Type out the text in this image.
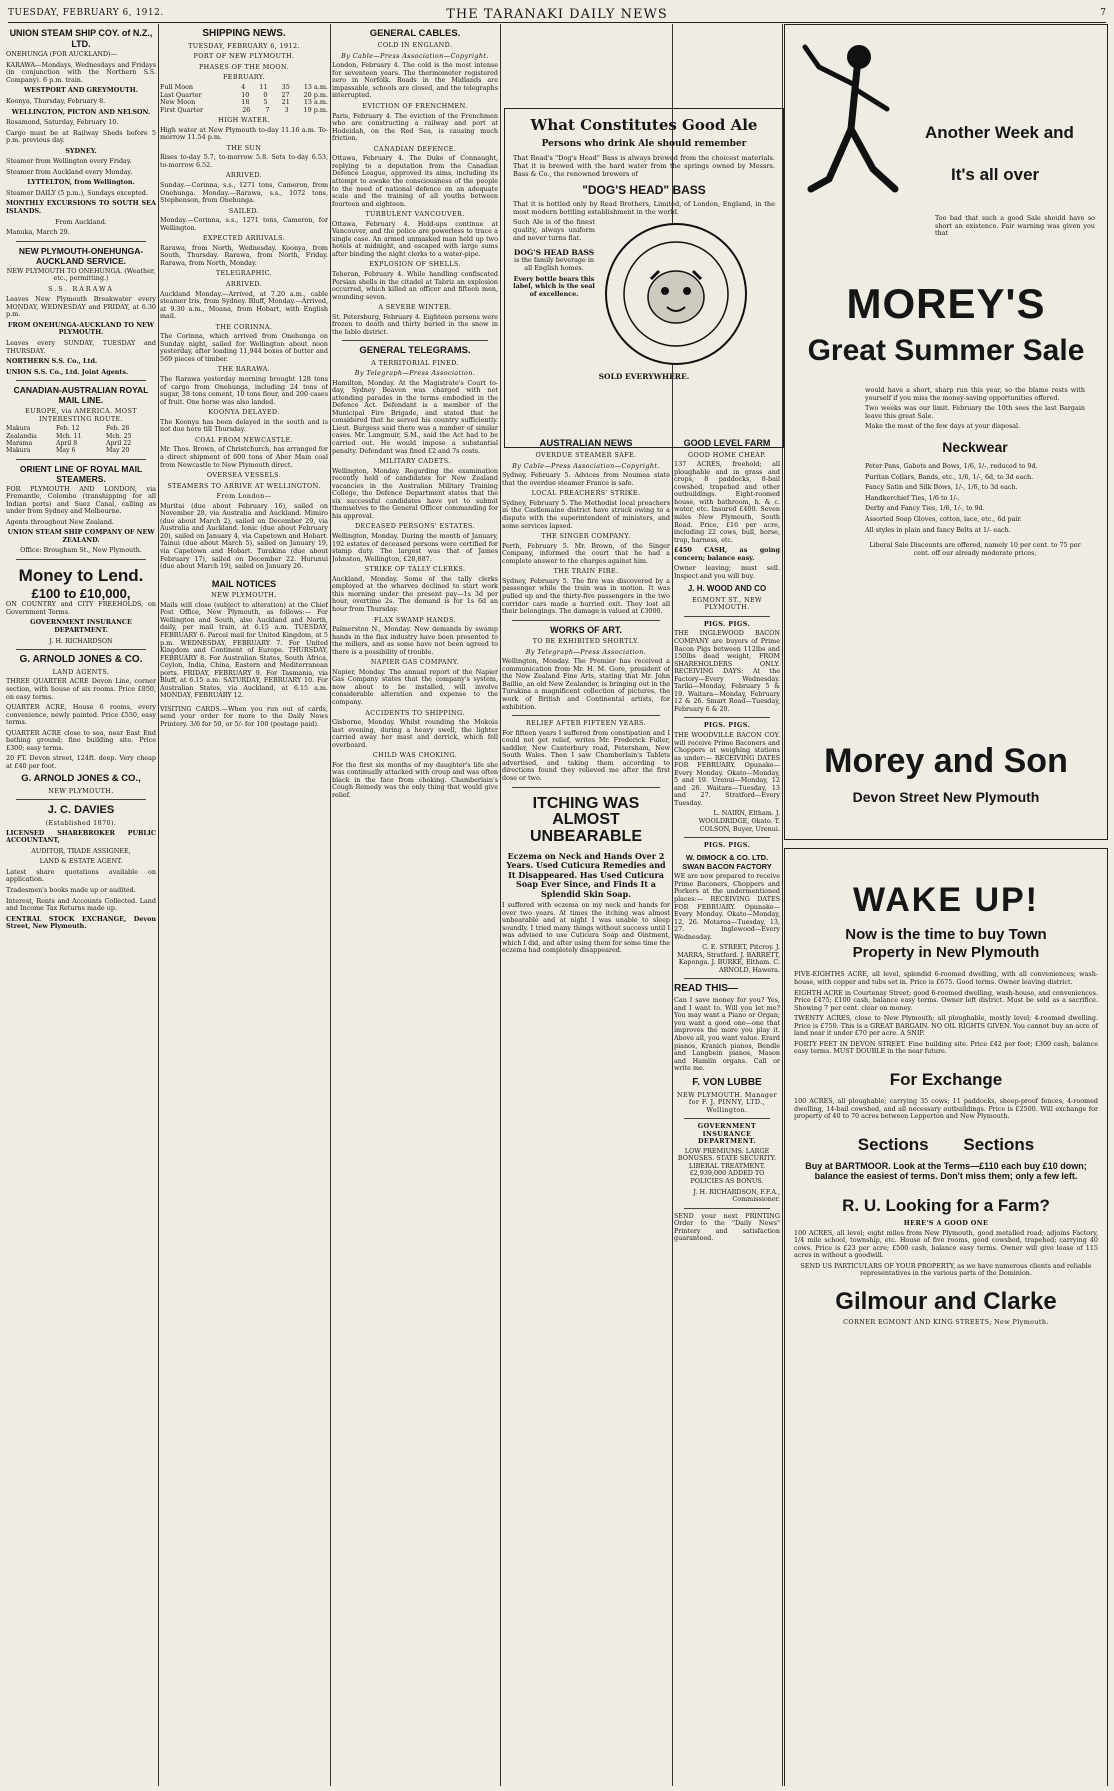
TUESDAY, FEBRUARY 6, 1912.	THE TARANAKI DAILY NEWS	7
UNION STEAM SHIP COY. of N.Z., LTD.

ONEHUNGA (FOR AUCKLAND)—

KARAWA—Mondays, Wednesdays and Fridays (in conjunction with the Northern S.S. Company). 6 p.m. train.

WESTPORT AND GREYMOUTH.

Koonya, Thursday, February 8.

WELLINGTON, PICTON AND NELSON.

Rosamond, Saturday, February 10.

Cargo must be at Railway Sheds before 5 p.m. previous day.

SYDNEY.

Steamer from Wellington every Friday.

Steamer from Auckland every Monday.

LYTTELTON, from Wellington.

Steamer DAILY (5 p.m.), Sundays excepted.

MONTHLY EXCURSIONS TO SOUTH SEA ISLANDS.

From Auckland.

Manuka, March 29.

NEW PLYMOUTH-ONEHUNGA-AUCKLAND SERVICE.

NEW PLYMOUTH TO ONEHUNGA. (Weather, etc., permitting.)

S.S. RARAWA

Leaves New Plymouth Breakwater every MONDAY, WEDNESDAY and FRIDAY, at 6.30 p.m.

FROM ONEHUNGA-AUCKLAND TO NEW PLYMOUTH.

Leaves every SUNDAY, TUESDAY and THURSDAY.

NORTHERN S.S. Co., Ltd.

UNION S.S. Co., Ltd. Joint Agents.

CANADIAN-AUSTRALIAN ROYAL MAIL LINE.
EUROPE, via AMERICA. MOST INTERESTING ROUTE.
Makura	Feb. 12	Feb. 26
Zealandia	Mch. 11	Mch. 25
Marama	April 8	April 22
Makura	May 6	May 20
ORIENT LINE OF ROYAL MAIL STEAMERS.

FOR PLYMOUTH AND LONDON, via Fremantle, Colombo (transhipping for all Indian ports) and Suez Canal, calling as under from Sydney and Melbourne.

Agents throughout New Zealand.

UNION STEAM SHIP COMPANY OF NEW ZEALAND.

Office: Brougham St., New Plymouth.

Money to Lend.
£100 to £10,000,

ON COUNTRY and CITY FREEHOLDS, on Government Terms.

GOVERNMENT INSURANCE DEPARTMENT.

J. H. RICHARDSON

G. ARNOLD JONES & CO.
LAND AGENTS.

THREE QUARTER ACRE Devon Line, corner section, with house of six rooms. Price £850, on easy terms.

QUARTER ACRE, House 6 rooms, every convenience, newly painted. Price £550, easy terms.

QUARTER ACRE close to sea, near East End bathing ground; fine building site. Price £300; easy terms.

20 FT. Devon street, 124ft. deep. Very cheap at £40 per foot.

G. ARNOLD JONES & CO.,
NEW PLYMOUTH.
J. C. DAVIES
(Established 1870).

LICENSED SHAREBROKER PUBLIC ACCOUNTANT,

AUDITOR, TRADE ASSIGNEE,

LAND & ESTATE AGENT.

Latest share quotations available on application.

Tradesmen's books made up or audited.

Interest, Rents and Accounts Collected. Land and Income Tax Returns made up.

CENTRAL STOCK EXCHANGE, Devon Street, New Plymouth.

SHIPPING NEWS.
TUESDAY, FEBRUARY 6, 1912.
PORT OF NEW PLYMOUTH.
PHASES OF THE MOON.
FEBRUARY.
Full Moon	4 11 35 13 a.m.
Last Quarter	10 0 27 20 p.m.
New Moon	18 5 21 13 a.m.
First Quarter	26 7 3 19 p.m.
HIGH WATER.

High water at New Plymouth to-day 11.16 a.m. To-morrow 11.54 p.m.

THE SUN

Rises to-day 5.7, to-morrow 5.8. Sets to-day 6.53, to-morrow 6.52.

ARRIVED.

Sunday.—Corinna, s.s., 1271 tons, Cameron, from Onehunga. Monday.—Rarawa, s.s., 1072 tons, Stephenson, from Onehunga.

SAILED.

Monday.—Corinna, s.s., 1271 tons, Cameron, for Wellington.

EXPECTED ARRIVALS.

Rarawa, from North, Wednesday. Koonya, from South, Thursday. Rarawa, from North, Friday. Rarawa, from North, Monday.

TELEGRAPHIC.
ARRIVED.

Auckland Monday.—Arrived, at 7.20 a.m., cable steamer Iris, from Sydney. Bluff, Monday.—Arrived, at 9.30 a.m., Moana, from Hobart, with English mail.

THE CORINNA.

The Corinna, which arrived from Onehunga on Sunday night, sailed for Wellington about noon yesterday, after loading 11,944 boxes of butter and 569 pieces of timber.

THE RARAWA.

The Rarawa yesterday morning brought 128 tons of cargo from Onehunga, including 24 tons of sugar, 38 tons cement, 10 tons flour, and 200 cases of fruit. One horse was also landed.

KOONYA DELAYED.

The Koonya has been delayed in the south and is not due here till Thursday.

COAL FROM NEWCASTLE.

Mr. Thos. Brown, of Christchurch, has arranged for a direct shipment of 600 tons of Aber Main coal from Newcastle to New Plymouth direct.

OVERSEA VESSELS.
STEAMERS TO ARRIVE AT WELLINGTON.
From London—

Muritai (due about February 16), sailed on November 28, via Australia and Auckland. Mimiro (due about March 2), sailed on December 29, via Australia and Auckland. Ionic (due about February 20), sailed on January 4, via Capetown and Hobart. Tainui (due about March 5), sailed on January 19, via Capetown and Hobart. Turakina (due about February 17), sailed on December 22. Hurunui (due about March 19), sailed on January 26.

MAIL NOTICES
NEW PLYMOUTH.

Mails will close (subject to alteration) at the Chief Post Office, New Plymouth, as follows:— For Wellington and South, also Auckland and North, daily, per mail train, at 6.15 a.m. TUESDAY, FEBRUARY 6. Parcel mail for United Kingdom, at 5 p.m. WEDNESDAY, FEBRUARY 7. For United Kingdom and Continent of Europe. THURSDAY, FEBRUARY 8. For Australian States, South Africa, Ceylon, India, China, Eastern and Mediterranean ports. FRIDAY, FEBRUARY 9. For Tasmania, via Bluff, at 6.15 a.m. SATURDAY, FEBRUARY 10. For Australian States, via Auckland, at 6.15 a.m. MONDAY, FEBRUARY 12.

VISITING CARDS.—When you run out of cards, send your order for more to the Daily News Printery. 3/6 for 50, or 5/- for 100 (postage paid).

GENERAL CABLES.
COLD IN ENGLAND.
By Cable—Press Association—Copyright.

London, February 4. The cold is the most intense for seventeen years. The thermometer registered zero in Norfolk. Roads in the Midlands are impassable, schools are closed, and the telegraphs interrupted.

EVICTION OF FRENCHMEN.

Paris, February 4. The eviction of the Frenchmen who are constructing a railway and port at Hodeidah, on the Red Sea, is causing much friction.

CANADIAN DEFENCE.

Ottawa, February 4. The Duke of Connaught, replying to a deputation from the Canadian Defence League, approved its aims, including its attempt to awake the consciousness of the people to the need of national defence on an adequate scale and the training of all youths between fourteen and eighteen.

TURBULENT VANCOUVER.

Ottawa, February 4. Hold-ups continue at Vancouver, and the police are powerless to trace a single case. An armed unmasked man held up two hotels at midnight, and escaped with large sums after binding the night clerks to a water-pipe.

EXPLOSION OF SHELLS.

Teheran, February 4. While handling confiscated Persian shells in the citadel at Tabriz an explosion occurred, which killed an officer and fifteen men, wounding seven.

A SEVERE WINTER.

St. Petersburg, February 4. Eighteen persons were frozen to death and thirty buried in the snow in the Iablo district.

GENERAL TELEGRAMS.
A TERRITORIAL FINED.
By Telegraph—Press Association.

Hamilton, Monday. At the Magistrate's Court to-day, Sydney Beaven was charged with not attending parades in the terms embodied in the Defence Act. Defendant is a member of the Municipal Fire Brigade, and stated that he considered that he served his country sufficiently. Lieut. Burgess said there was a number of similar cases. Mr. Langmuir, S.M., said the Act had to be carried out. He would impose a substantial penalty. Defendant was fined £2 and 7s costs.

MILITARY CADETS.

Wellington, Monday. Regarding the examination recently held of candidates for New Zealand vacancies in the Australian Military Training College, the Defence Department states that the six successful candidates have yet to submit themselves to the General Officer commanding for his approval.

DECEASED PERSONS' ESTATES.

Wellington, Monday. During the month of January, 192 estates of deceased persons were certified for stamp duty. The largest was that of James Johnston, Wellington, £28,887.

STRIKE OF TALLY CLERKS.

Auckland, Monday. Some of the tally clerks employed at the wharves declined to start work this morning under the present pay—1s 3d per hour, overtime 2s. The demand is for 1s 6d an hour from Thursday.

FLAX SWAMP HANDS.

Palmerston N., Monday. New demands by swamp hands in the flax industry have been presented to the millers, and as some have not been agreed to there is a possibility of trouble.

NAPIER GAS COMPANY.

Napier, Monday. The annual report of the Napier Gas Company states that the company's system, now about to be installed, will involve considerable alteration and expense to the company.

ACCIDENTS TO SHIPPING.

Gisborne, Monday. Whilst rounding the Mokoia last evening, during a heavy swell, the lighter carried away her mast and derrick, which fell overboard.

CHILD WAS CHOKING.

For the first six months of my daughter's life she was continually attacked with croup and was often black in the face from choking. Chamberlain's Cough Remedy was the only thing that would give relief.

What Constitutes Good Ale
Persons who drink Ale should remember

That Read's "Dog's Head" Bass is always brewed from the choicest materials. That it is brewed with the hard water from the springs owned by Messrs. Bass & Co., the renowned brewers of

"DOG'S HEAD" BASS

That it is bottled only by Read Brothers, Limited, of London, England, in the most modern bottling establishment in the world.

Such Ale is of the finest quality, always uniform and never turns flat.

DOG'S HEAD BASS

is the family beverage in all English homes.

Every bottle bears this label, which is the seal of excellence.

SOLD EVERYWHERE.
AUSTRALIAN NEWS
OVERDUE STEAMER SAFE.
By Cable—Press Association—Copyright.

Sydney, February 5. Advices from Noumea state that the overdue steamer France is safe.

LOCAL PREACHERS' STRIKE.

Sydney, February 5. The Methodist local preachers in the Castlemaine district have struck owing to a dispute with the superintendent of ministers, and some services lapsed.

THE SINGER COMPANY.

Perth, February 5. Mr. Brown, of the Singer Company, informed the court that he had a complete answer to the charges against him.

THE TRAIN FIRE.

Sydney, February 5. The fire was discovered by a passenger while the train was in motion. It was pulled up and the thirty-five passengers in the two corridor cars made a hurried exit. They lost all their belongings. The damage is valued at £3000.

WORKS OF ART.
TO BE EXHIBITED SHORTLY.
By Telegraph—Press Association.

Wellington, Monday. The Premier has received a communication from Mr. H. M. Gore, president of the New Zealand Fine Arts, stating that Mr. John Baillie, an old New Zealander, is bringing out in the Turakina a magnificent collection of pictures, the work of British and Continental artists, for exhibition.

RELIEF AFTER FIFTEEN YEARS.

For fifteen years I suffered from constipation and I could not get relief, writes Mr. Frederick Fuller, saddler, New Canterbury road, Petersham, New South Wales. Then I saw Chamberlain's Tablets advertised, and taking them according to directions found they relieved me after the first dose or two.

ITCHING WAS ALMOST UNBEARABLE

Eczema on Neck and Hands Over 2 Years. Used Cuticura Remedies and It Disappeared. Has Used Cuticura Soap Ever Since, and Finds It a Splendid Skin Soap.

I suffered with eczema on my neck and hands for over two years. At times the itching was almost unbearable and at night I was unable to sleep soundly. I tried many things without success until I was advised to use Cuticura Soap and Ointment, which I did, and after using them for some time the eczema had completely disappeared.

GOOD LEVEL FARM
GOOD HOME CHEAP.

137 ACRES, freehold; all ploughable and in grass and crops, 8 paddocks, 8-bail cowshed, trapehed and other outbuildings. Eight-roomed house, with bathroom, h. & c. water, etc. Insured £400. Seven miles New Plymouth, South Road. Price, £16 per acre, including 22 cows, bull, horse, trap, harness, etc.

£450 CASH, as going concern; balance easy.

Owner leaving; must sell. Inspect and you will buy.

J. H. WOOD AND CO
EGMONT ST., NEW PLYMOUTH.
PIGS. PIGS.

THE INGLEWOOD BACON COMPANY are buyers of Prime Bacon Pigs between 112lbs and 150lbs dead weight, FROM SHAREHOLDERS ONLY. RECEIVING DAYS: At the Factory—Every Wednesday. Tariki—Monday, February 5 & 19. Waitara—Monday, February 12 & 26. Smart Road—Tuesday, February 6 & 20.

PIGS. PIGS.

THE WOODVILLE BACON COY. will receive Prime Baconers and Choppers at weighing stations as under:— RECEIVING DATES FOR FEBRUARY. Opunake—Every Monday. Okato—Monday, 5 and 19. Urenui—Monday, 12 and 26. Waitara—Tuesday, 13 and 27. Stratford—Every Tuesday.

L. NAIRN, Eltham. J. WOOLDRIDGE, Okato. T. COLSON, Buyer, Urenui.

PIGS. PIGS.
W. DIMOCK & CO. LTD. SWAN BACON FACTORY

WE are now prepared to receive Prime Baconers, Choppers and Porkers at the undermentioned places:— RECEIVING DATES FOR FEBRUARY. Opunake—Every Monday. Okato—Monday, 12, 26. Motaroa—Tuesday, 13, 27. Inglewood—Every Wednesday.

C. E. STREET, Pitcroy. J. MARRA, Stratford. J. BARRETT, Kaponga. J. BURKE, Eltham. C. ARNOLD, Hawera.

READ THIS—

Can I save money for you? Yes, and I want to. Will you let me? You may want a Piano or Organ; you want a good one—one that improves the more you play it. Above all, you want value. Erard pianos, Kranich pianos, Bendle and Langbein pianos, Mason and Hamlin organs. Call or write me.

F. VON LUBBE
NEW PLYMOUTH. Manager for F. J. PINNY, LTD., Wellington.
GOVERNMENT INSURANCE DEPARTMENT.

LOW PREMIUMS. LARGE BONUSES. STATE SECURITY. LIBERAL TREATMENT. £2,939,000 ADDED TO POLICIES AS BONUS.

J. H. RICHARDSON, F.F.A., Commissioner.

SEND your next PRINTING Order to the "Daily News" Printery and satisfaction guaranteed.

Another Week and
It's all over

Too bad that such a good Sale should have so short an existence. Fair warning was given you that

MOREY'S
Great Summer Sale

would have a short, sharp run this year, so the blame rests with yourself if you miss the money-saving opportunities offered.

Two weeks was our limit. February the 10th sees the last Bargain leave this great Sale.

Make the most of the few days at your disposal.

Neckwear

Peter Pans, Gabots and Bows, 1/6, 1/-, reduced to 9d.

Puritan Collars, Bands, etc., 1/6, 1/-, 6d, to 3d each.

Fancy Satin and Silk Bows, 1/-, 1/6, to 3d each.

Handkerchief Ties, 1/6 to 1/-.

Derby and Fancy Ties, 1/6, 1/-, to 9d.

Assorted Soap Gloves, cotton, lace, etc., 6d pair.

All styles in plain and fancy Belts at 1/- each.

Liberal Sale Discounts are offered, namely 10 per cent. to 75 per cent. off our already moderate prices,

Morey and Son
Devon Street New Plymouth
WAKE UP!
Now is the time to buy Town
Property in New Plymouth

FIVE-EIGHTHS ACRE, all level, splendid 6-roomed dwelling, with all conveniences; wash-house, with copper and tubs set in. Price is £675. Good terms. Owner leaving district.

EIGHTH ACRE in Courtenay Street; good 6-roomed dwelling, wash-house, and conveniences. Price £475; £100 cash, balance easy terms. Owner left district. Must be sold as a sacrifice. Showing 7 per cent. clear on money.

TWENTY ACRES, close to New Plymouth; all ploughable, mostly level; 4-roomed dwelling. Price is £750. This is a GREAT BARGAIN. NO OIL RIGHTS GIVEN. You cannot buy an acre of land near it under £70 per acre. A SNIP.

FORTY FEET IN DEVON STREET. Fine building site. Price £42 per foot; £300 cash, balance easy terms. MUST DOUBLE in the near future.

For Exchange

100 ACRES, all ploughable; carrying 35 cows; 11 paddocks, sheep-proof fences, 4-roomed dwelling, 14-bail cowshed, and all necessary outbuildings. Price is £2500. Will exchange for property of 40 to 70 acres between Lepperton and New Plymouth.

Sections Sections

Buy at BARTMOOR. Look at the Terms—£110 each buy £10 down; balance the easiest of terms. Don't miss them; only a few left.

R. U. Looking for a Farm?
HERE'S A GOOD ONE

100 ACRES, all level; eight miles from New Plymouth, good metalled road; adjoins Factory, 1/4 mile school, township, etc. House of five rooms, good cowshed, trapehed; carrying 40 cows. Price is £23 per acre; £500 cash, balance easy terms. Owner will give lease of 115 acres in without a goodwill.

SEND US PARTICULARS OF YOUR PROPERTY, as we have numerous clients and reliable representatives in the various parts of the Dominion.

Gilmour and Clarke
CORNER EGMONT AND KING STREETS, New Plymouth.
